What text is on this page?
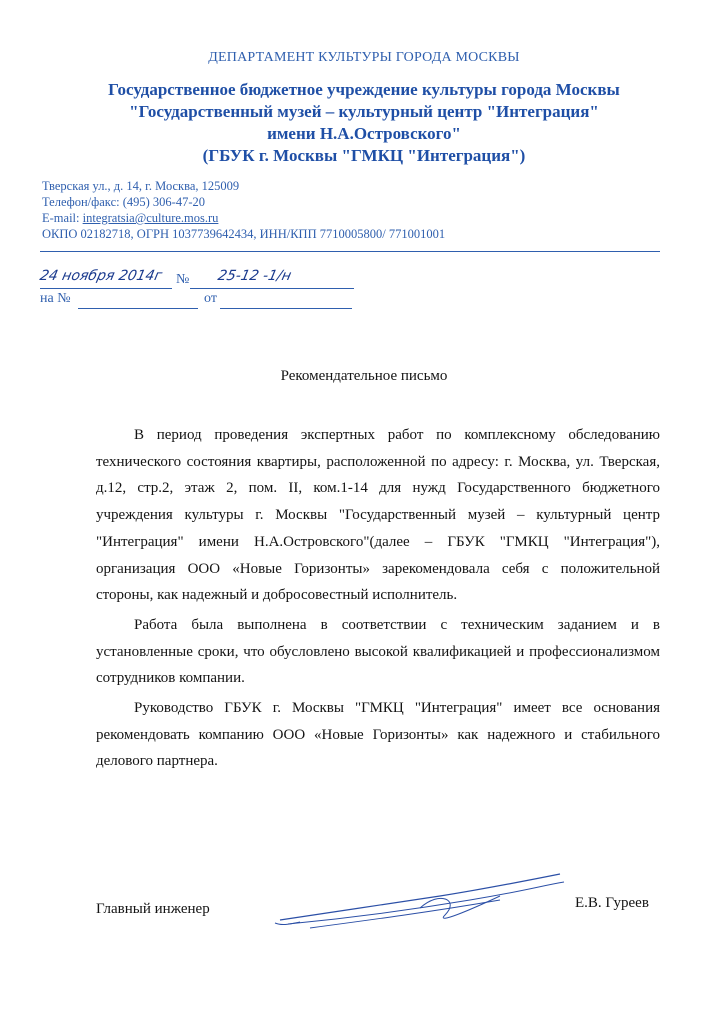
ДЕПАРТАМЕНТ КУЛЬТУРЫ ГОРОДА МОСКВЫ
Государственное бюджетное учреждение культуры города Москвы
"Государственный музей – культурный центр "Интеграция"
имени Н.А.Островского"
(ГБУК г. Москвы "ГМКЦ "Интеграция")
Тверская ул., д. 14, г. Москва, 125009
Телефон/факс: (495) 306-47-20
E-mail: integratsia@culture.mos.ru
ОКПО 02182718, ОГРН 1037739642434, ИНН/КПП 7710005800/ 771001001
24 ноября 2014г № 25-12 -1/н
на №	от
Рекомендательное письмо

В период проведения экспертных работ по комплексному обследованию технического состояния квартиры, расположенной по адресу: г. Москва, ул. Тверская, д.12, стр.2, этаж 2, пом. II, ком.1-14 для нужд Государственного бюджетного учреждения культуры г. Москвы "Государственный музей – культурный центр "Интеграция" имени Н.А.Островского"(далее – ГБУК "ГМКЦ "Интеграция"), организация ООО «Новые Горизонты» зарекомендовала себя с положительной стороны, как надежный и добросовестный исполнитель.

Работа была выполнена в соответствии с техническим заданием и в установленные сроки, что обусловлено высокой квалификацией и профессионализмом сотрудников компании.

Руководство ГБУК г. Москвы "ГМКЦ "Интеграция" имеет все основания рекомендовать компанию ООО «Новые Горизонты» как надежного и стабильного делового партнера.

Главный инженер	Е.В. Гуреев
